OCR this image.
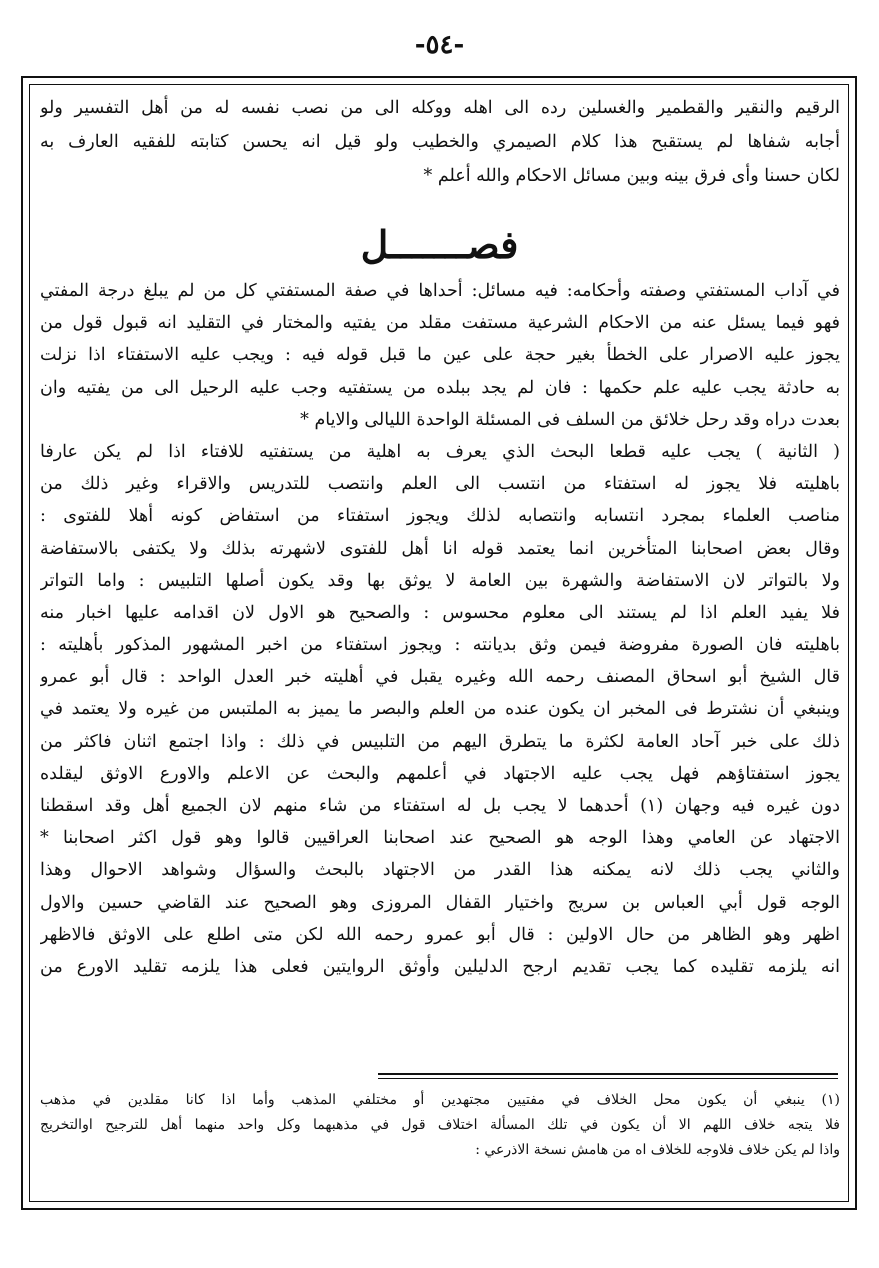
-٥٤-
الرقيم والنقير والقطمير والغسلين رده الى اهله ووكله الى من نصب نفسه له من أهل التفسير ولو
أجابه شفاها لم يستقبح هذا كلام الصيمري والخطيب ولو قيل انه يحسن كتابته للفقيه العارف به
لكان حسنا وأى فرق بينه وبين مسائل الاحكام والله أعلم *
فصـــــــل
في آداب المستفتي وصفته وأحكامه: فيه مسائل: أحداها في صفة المستفتي كل من لم يبلغ درجة المفتي
فهو فيما يسئل عنه من الاحكام الشرعية مستفت مقلد من يفتيه والمختار في التقليد انه قبول قول من
يجوز عليه الاصرار على الخطأ بغير حجة على عين ما قبل قوله فيه : ويجب عليه الاستفتاء اذا نزلت
به حادثة يجب عليه علم حكمها : فان لم يجد ببلده من يستفتيه وجب عليه الرحيل الى من يفتيه وان
بعدت دراه وقد رحل خلائق من السلف فى المسئلة الواحدة الليالى والايام *
( الثانية ) يجب عليه قطعا البحث الذي يعرف به اهلية من يستفتيه للافتاء اذا لم يكن عارفا
باهليته فلا يجوز له استفتاء من انتسب الى العلم وانتصب للتدريس والاقراء وغير ذلك من
مناصب العلماء بمجرد انتسابه وانتصابه لذلك ويجوز استفتاء من استفاض كونه أهلا للفتوى :
وقال بعض اصحابنا المتأخرين انما يعتمد قوله انا أهل للفتوى لاشهرته بذلك ولا يكتفى بالاستفاضة
ولا بالتواتر لان الاستفاضة والشهرة بين العامة لا يوثق بها وقد يكون أصلها التلبيس : واما التواتر
فلا يفيد العلم اذا لم يستند الى معلوم محسوس : والصحيح هو الاول لان اقدامه عليها اخبار منه
باهليته فان الصورة مفروضة فيمن وثق بديانته : ويجوز استفتاء من اخبر المشهور المذكور بأهليته :
قال الشيخ أبو اسحاق المصنف رحمه الله وغيره يقبل في أهليته خبر العدل الواحد : قال أبو عمرو
وينبغي أن نشترط فى المخبر ان يكون عنده من العلم والبصر ما يميز به الملتبس من غيره ولا يعتمد في
ذلك على خبر آحاد العامة لكثرة ما يتطرق اليهم من التلبيس في ذلك : واذا اجتمع اثنان فاكثر من
يجوز استفتاؤهم فهل يجب عليه الاجتهاد في أعلمهم والبحث عن الاعلم والاورع الاوثق ليقلده
دون غيره فيه وجهان (١) أحدهما لا يجب بل له استفتاء من شاء منهم لان الجميع أهل وقد اسقطنا
الاجتهاد عن العامي وهذا الوجه هو الصحيح عند اصحابنا العراقيين قالوا وهو قول اكثر اصحابنا *
والثاني يجب ذلك لانه يمكنه هذا القدر من الاجتهاد بالبحث والسؤال وشواهد الاحوال وهذا
الوجه قول أبي العباس بن سريج واختيار القفال المروزى وهو الصحيح عند القاضي حسين والاول
اظهر وهو الظاهر من حال الاولين : قال أبو عمرو رحمه الله لكن متى اطلع على الاوثق فالاظهر
انه يلزمه تقليده كما يجب تقديم ارجح الدليلين وأوثق الروايتين فعلى هذا يلزمه تقليد الاورع من
(١) ينبغي أن يكون محل الخلاف في مفتيين مجتهدين أو مختلفي المذهب وأما اذا كانا مقلدين في مذهب
فلا يتجه خلاف اللهم الا أن يكون في تلك المسألة اختلاف قول في مذهبهما وكل واحد منهما أهل للترجيح اوالتخريج
واذا لم يكن خلاف فلاوجه للخلاف اه من هامش نسخة الاذرعي :
